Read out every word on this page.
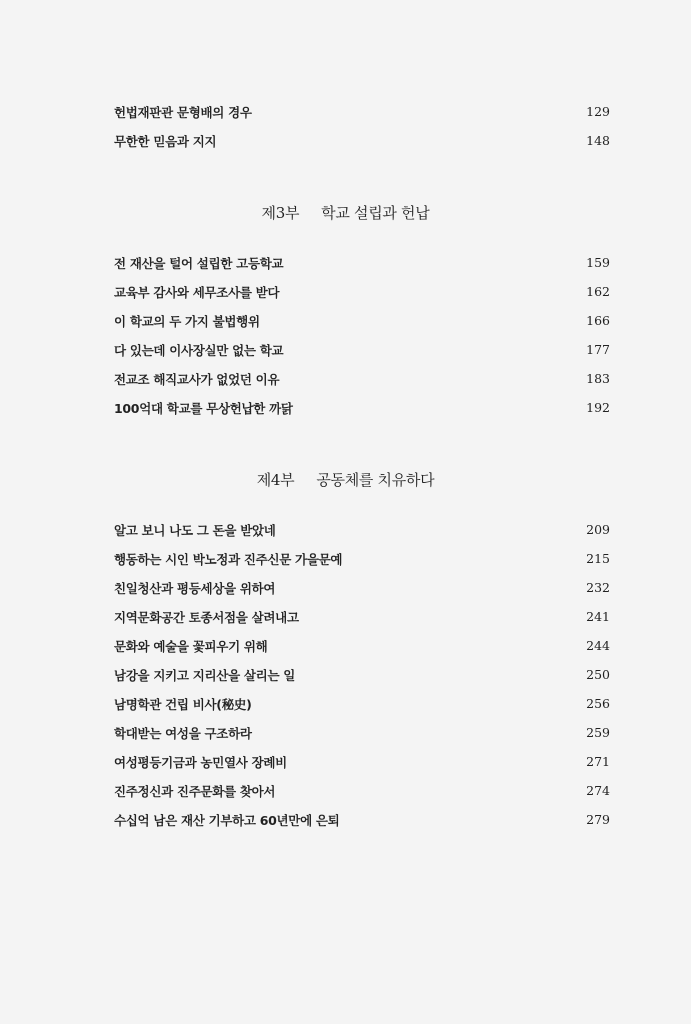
헌법재판관 문형배의 경우	129
무한한 믿음과 지지	148
제3부 학교 설립과 헌납
전 재산을 털어 설립한 고등학교	159
교육부 감사와 세무조사를 받다	162
이 학교의 두 가지 불법행위	166
다 있는데 이사장실만 없는 학교	177
전교조 해직교사가 없었던 이유	183
100억대 학교를 무상헌납한 까닭	192
제4부 공동체를 치유하다
알고 보니 나도 그 돈을 받았네	209
행동하는 시인 박노정과 진주신문 가을문예	215
친일청산과 평등세상을 위하여	232
지역문화공간 토종서점을 살려내고	241
문화와 예술을 꽃피우기 위해	244
남강을 지키고 지리산을 살리는 일	250
남명학관 건립 비사(秘史)	256
학대받는 여성을 구조하라	259
여성평등기금과 농민열사 장례비	271
진주정신과 진주문화를 찾아서	274
수십억 남은 재산 기부하고 60년만에 은퇴	279
